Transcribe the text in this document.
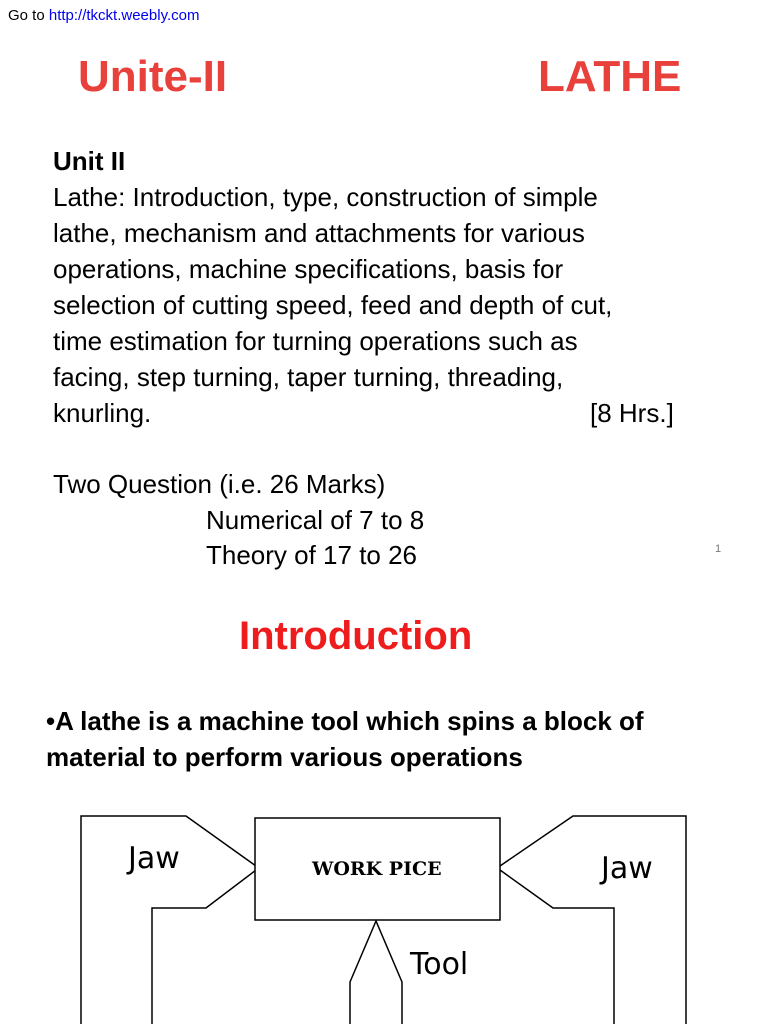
Go to http://tkckt.weebly.com
Unite-II	LATHE
Unit II
Lathe: Introduction, type, construction of simple
lathe, mechanism and attachments for various
operations, machine specifications, basis for
selection of cutting speed, feed and depth of cut,
time estimation for turning operations such as
facing, step turning, taper turning, threading,
knurling.	[8 Hrs.]
Two Question (i.e. 26 Marks)
Numerical of 7 to 8
Theory of 17 to 26	1
Introduction
•A lathe is a machine tool which spins a block of
material to perform various operations
Jaw	Jaw
WORK PICE
Tool
